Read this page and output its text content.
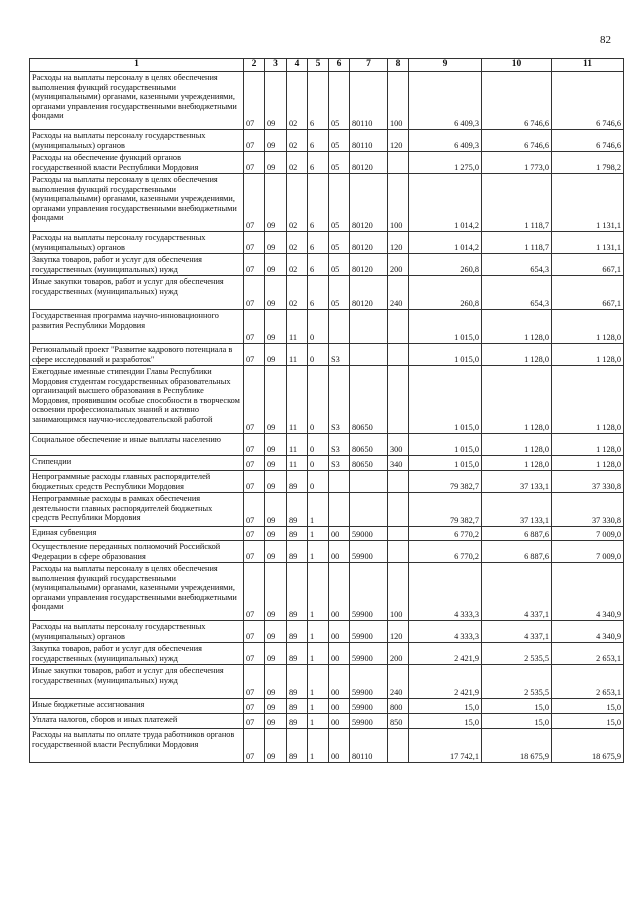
82
1	2	3	4	5	6	7	8	9	10	11
Расходы на выплаты персоналу в целях обеспечения выполнения функций государственными (муниципальными) органами, казенными учреждениями, органами управления государственными внебюджетными фондами	07	09	02	6	05	80110	100	6 409,3	6 746,6	6 746,6
Расходы на выплаты персоналу государственных (муниципальных) органов	07	09	02	6	05	80110	120	6 409,3	6 746,6	6 746,6
Расходы на обеспечение функций органов государственной власти Республики Мордовия	07	09	02	6	05	80120		1 275,0	1 773,0	1 798,2
Расходы на выплаты персоналу в целях обеспечения выполнения функций государственными (муниципальными) органами, казенными учреждениями, органами управления государственными внебюджетными фондами	07	09	02	6	05	80120	100	1 014,2	1 118,7	1 131,1
Расходы на выплаты персоналу государственных (муниципальных) органов	07	09	02	6	05	80120	120	1 014,2	1 118,7	1 131,1
Закупка товаров, работ и услуг для обеспечения государственных (муниципальных) нужд	07	09	02	6	05	80120	200	260,8	654,3	667,1
Иные закупки товаров, работ и услуг для обеспечения государственных (муниципальных) нужд	07	09	02	6	05	80120	240	260,8	654,3	667,1
Государственная программа научно-инновационного развития Республики Мордовия	07	09	11	0				1 015,0	1 128,0	1 128,0
Региональный проект "Развитие кадрового потенциала в сфере исследований и разработок"	07	09	11	0	S3			1 015,0	1 128,0	1 128,0
Ежегодные именные стипендии Главы Республики Мордовия студентам государственных образовательных организаций высшего образования в Республике Мордовия, проявившим особые способности в творческом освоении профессиональных знаний и активно занимающимся научно-исследовательской работой	07	09	11	0	S3	80650		1 015,0	1 128,0	1 128,0
Социальное обеспечение и иные выплаты населению	07	09	11	0	S3	80650	300	1 015,0	1 128,0	1 128,0
Стипендии	07	09	11	0	S3	80650	340	1 015,0	1 128,0	1 128,0
Непрограммные расходы главных распорядителей бюджетных средств Республики Мордовия	07	09	89	0				79 382,7	37 133,1	37 330,8
Непрограммные расходы в рамках обеспечения деятельности главных распорядителей бюджетных средств Республики Мордовия	07	09	89	1				79 382,7	37 133,1	37 330,8
Единая субвенция	07	09	89	1	00	59000		6 770,2	6 887,6	7 009,0
Осуществление переданных полномочий Российской Федерации в сфере образования	07	09	89	1	00	59900		6 770,2	6 887,6	7 009,0
Расходы на выплаты персоналу в целях обеспечения выполнения функций государственными (муниципальными) органами, казенными учреждениями, органами управления государственными внебюджетными фондами	07	09	89	1	00	59900	100	4 333,3	4 337,1	4 340,9
Расходы на выплаты персоналу государственных (муниципальных) органов	07	09	89	1	00	59900	120	4 333,3	4 337,1	4 340,9
Закупка товаров, работ и услуг для обеспечения государственных (муниципальных) нужд	07	09	89	1	00	59900	200	2 421,9	2 535,5	2 653,1
Иные закупки товаров, работ и услуг для обеспечения государственных (муниципальных) нужд	07	09	89	1	00	59900	240	2 421,9	2 535,5	2 653,1
Иные бюджетные ассигнования	07	09	89	1	00	59900	800	15,0	15,0	15,0
Уплата налогов, сборов и иных платежей	07	09	89	1	00	59900	850	15,0	15,0	15,0
Расходы на выплаты по оплате труда работников органов государственной власти Республики Мордовия	07	09	89	1	00	80110		17 742,1	18 675,9	18 675,9
